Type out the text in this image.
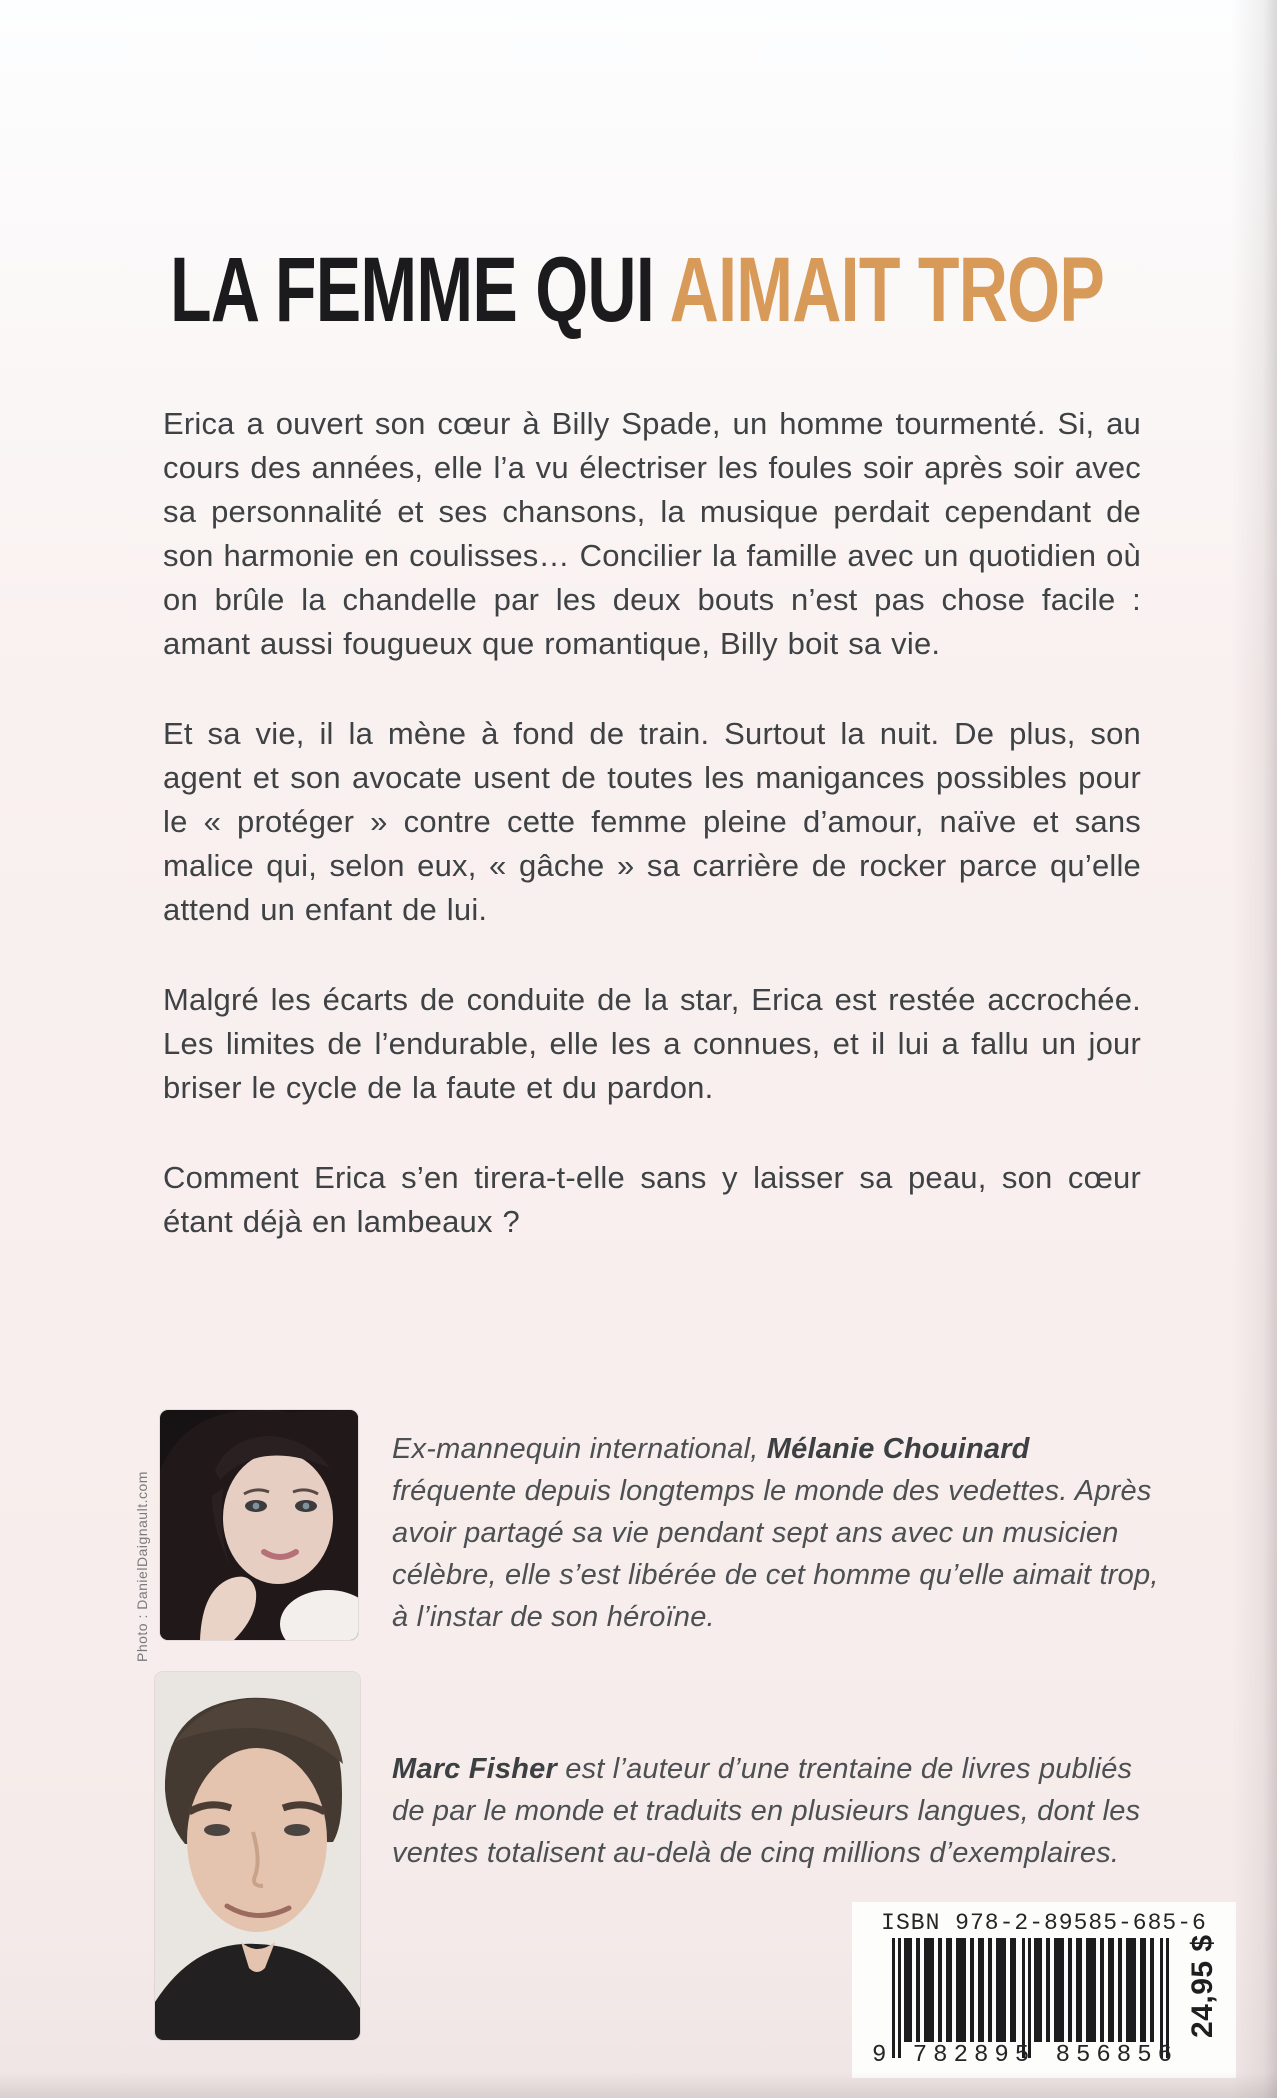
LA FEMME QUI AIMAIT TROP

Erica a ouvert son cœur à Billy Spade, un homme tourmenté. Si, au cours des années, elle l’a vu électriser les foules soir après soir avec sa personnalité et ses chansons, la musique perdait cependant de son harmonie en coulisses… Concilier la famille avec un quotidien où on brûle la chandelle par les deux bouts n’est pas chose facile : amant aussi fougueux que romantique, Billy boit sa vie.

Et sa vie, il la mène à fond de train. Surtout la nuit. De plus, son agent et son avocate usent de toutes les manigances possibles pour le « protéger » contre cette femme pleine d’amour, naïve et sans malice qui, selon eux, « gâche » sa carrière de rocker parce qu’elle attend un enfant de lui.

Malgré les écarts de conduite de la star, Erica est restée accrochée. Les limites de l’endurable, elle les a connues, et il lui a fallu un jour briser le cycle de la faute et du pardon.

Comment Erica s’en tirera-t-elle sans y laisser sa peau, son cœur étant déjà en lambeaux ?

Photo : DanielDaignault.com
Ex-mannequin international, Mélanie Chouinard fréquente depuis longtemps le monde des vedettes. Après avoir partagé sa vie pendant sept ans avec un musicien célèbre, elle s’est libérée de cet homme qu’elle aimait trop, à l’instar de son héroïne.
Marc Fisher est l’auteur d’une trentaine de livres publiés de par le monde et traduits en plusieurs langues, dont les ventes totalisent au-delà de cinq millions d’exemplaires.
ISBN 978-2-89585-685-6
9 782895 856856
24,95 $
